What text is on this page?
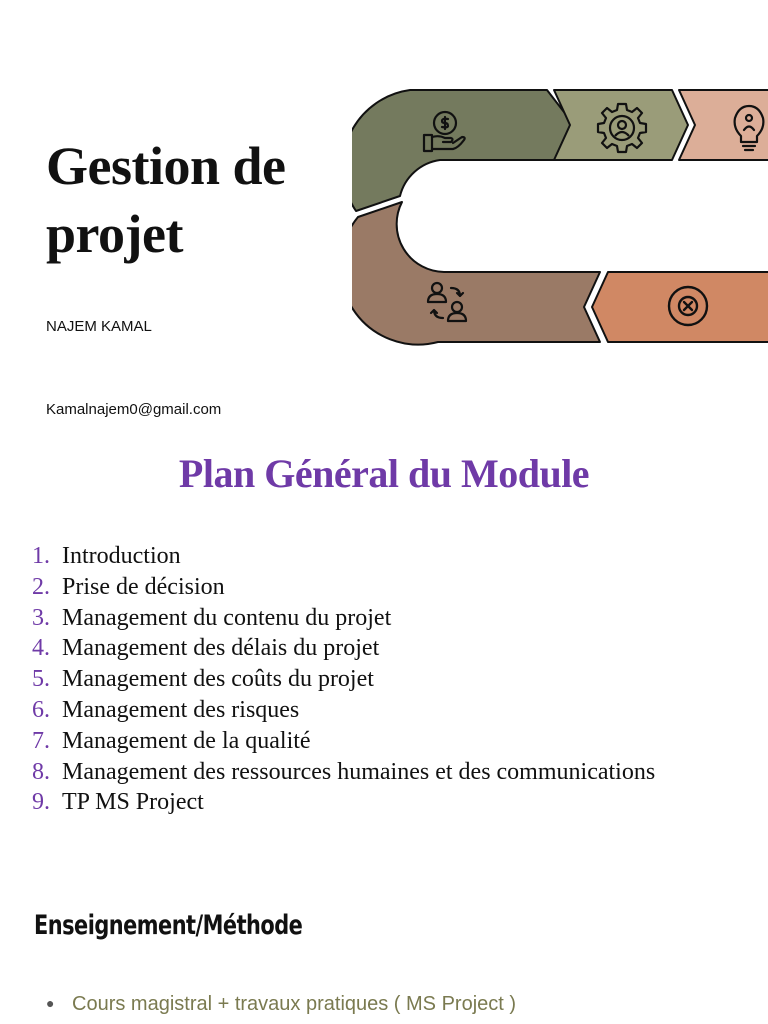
Gestion de
projet
NAJEM KAMAL
Kamalnajem0@gmail.com
Plan Général du Module
1. Introduction
2. Prise de décision
3. Management du contenu du projet
4. Management des délais du projet
5. Management des coûts du projet
6. Management des risques
7. Management de la qualité
8. Management des ressources humaines et des communications
9. TP MS Project
Enseignement/Méthode
● Cours magistral + travaux pratiques ( MS Project )
